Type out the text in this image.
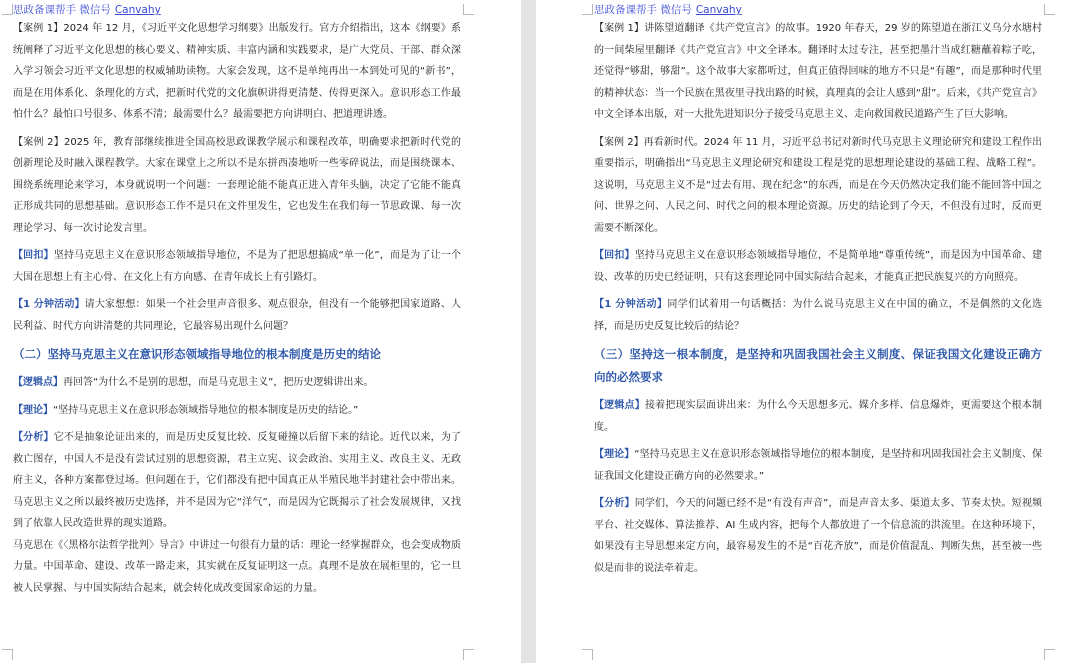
思政备课帮手 微信号 Canvahy

【案例 1】2024 年 12 月，《习近平文化思想学习纲要》出版发行。官方介绍指出，这本《纲要》系统阐释了习近平文化思想的核心要义、精神实质、丰富内涵和实践要求，是广大党员、干部、群众深入学习领会习近平文化思想的权威辅助读物。大家会发现，这不是单纯再出一本到处可见的“新书”，而是在用体系化、条理化的方式，把新时代党的文化旗帜讲得更清楚、传得更深入。意识形态工作最怕什么？最怕口号很多、体系不清；最需要什么？最需要把方向讲明白、把道理讲透。

【案例 2】2025 年，教育部继续推进全国高校思政课教学展示和课程改革，明确要求把新时代党的创新理论及时融入课程教学。大家在课堂上之所以不是东拼西凑地听一些零碎说法，而是围绕课本、围绕系统理论来学习，本身就说明一个问题：一套理论能不能真正进入青年头脑，决定了它能不能真正形成共同的思想基础。意识形态工作不是只在文件里发生，它也发生在我们每一节思政课、每一次理论学习、每一次讨论发言里。

【回扣】坚持马克思主义在意识形态领域指导地位，不是为了把思想搞成“单一化”，而是为了让一个大国在思想上有主心骨、在文化上有方向感、在青年成长上有引路灯。

【1 分钟活动】请大家想想：如果一个社会里声音很多、观点很杂，但没有一个能够把国家道路、人民利益、时代方向讲清楚的共同理论，它最容易出现什么问题？

（二）坚持马克思主义在意识形态领域指导地位的根本制度是历史的结论

【逻辑点】再回答“为什么不是别的思想，而是马克思主义”，把历史逻辑讲出来。

【理论】“坚持马克思主义在意识形态领域指导地位的根本制度是历史的结论。”

【分析】它不是抽象论证出来的，而是历史反复比较、反复碰撞以后留下来的结论。近代以来，为了救亡图存，中国人不是没有尝试过别的思想资源，君主立宪、议会政治、实用主义、改良主义、无政府主义，各种方案都登过场。但问题在于，它们都没有把中国真正从半殖民地半封建社会中带出来。马克思主义之所以最终被历史选择，并不是因为它“洋气”，而是因为它既揭示了社会发展规律，又找到了依靠人民改造世界的现实道路。

马克思在《〈黑格尔法哲学批判〉导言》中讲过一句很有力量的话：理论一经掌握群众，也会变成物质力量。中国革命、建设、改革一路走来，其实就在反复证明这一点。真理不是放在展柜里的，它一旦被人民掌握、与中国实际结合起来，就会转化成改变国家命运的力量。

思政备课帮手 微信号 Canvahy

【案例 1】讲陈望道翻译《共产党宣言》的故事。1920 年春天，29 岁的陈望道在浙江义乌分水塘村的一间柴屋里翻译《共产党宣言》中文全译本。翻译时太过专注，甚至把墨汁当成红糖蘸着粽子吃，还觉得“够甜，够甜”。这个故事大家都听过，但真正值得回味的地方不只是“有趣”，而是那种时代里的精神状态：当一个民族在黑夜里寻找出路的时候，真理真的会让人感到“甜”。后来，《共产党宣言》中文全译本出版，对一大批先进知识分子接受马克思主义、走向救国救民道路产生了巨大影响。

【案例 2】再看新时代。2024 年 11 月，习近平总书记对新时代马克思主义理论研究和建设工程作出重要指示，明确指出“马克思主义理论研究和建设工程是党的思想理论建设的基础工程、战略工程”。这说明，马克思主义不是“过去有用、现在纪念”的东西，而是在今天仍然决定我们能不能回答中国之问、世界之问、人民之问、时代之问的根本理论资源。历史的结论到了今天，不但没有过时，反而更需要不断深化。

【回扣】坚持马克思主义在意识形态领域指导地位，不是简单地“尊重传统”，而是因为中国革命、建设、改革的历史已经证明，只有这套理论同中国实际结合起来，才能真正把民族复兴的方向照亮。

【1 分钟活动】同学们试着用一句话概括：为什么说马克思主义在中国的确立，不是偶然的文化选择，而是历史反复比较后的结论？

（三）坚持这一根本制度，是坚持和巩固我国社会主义制度、保证我国文化建设正确方向的必然要求

【逻辑点】接着把现实层面讲出来：为什么今天思想多元、媒介多样、信息爆炸，更需要这个根本制度。

【理论】“坚持马克思主义在意识形态领域指导地位的根本制度，是坚持和巩固我国社会主义制度、保证我国文化建设正确方向的必然要求。”

【分析】同学们，今天的问题已经不是“有没有声音”，而是声音太多、渠道太多、节奏太快。短视频平台、社交媒体、算法推荐、AI 生成内容，把每个人都放进了一个信息流的洪流里。在这种环境下，如果没有主导思想来定方向，最容易发生的不是“百花齐放”，而是价值混乱、判断失焦，甚至被一些似是而非的说法牵着走。
